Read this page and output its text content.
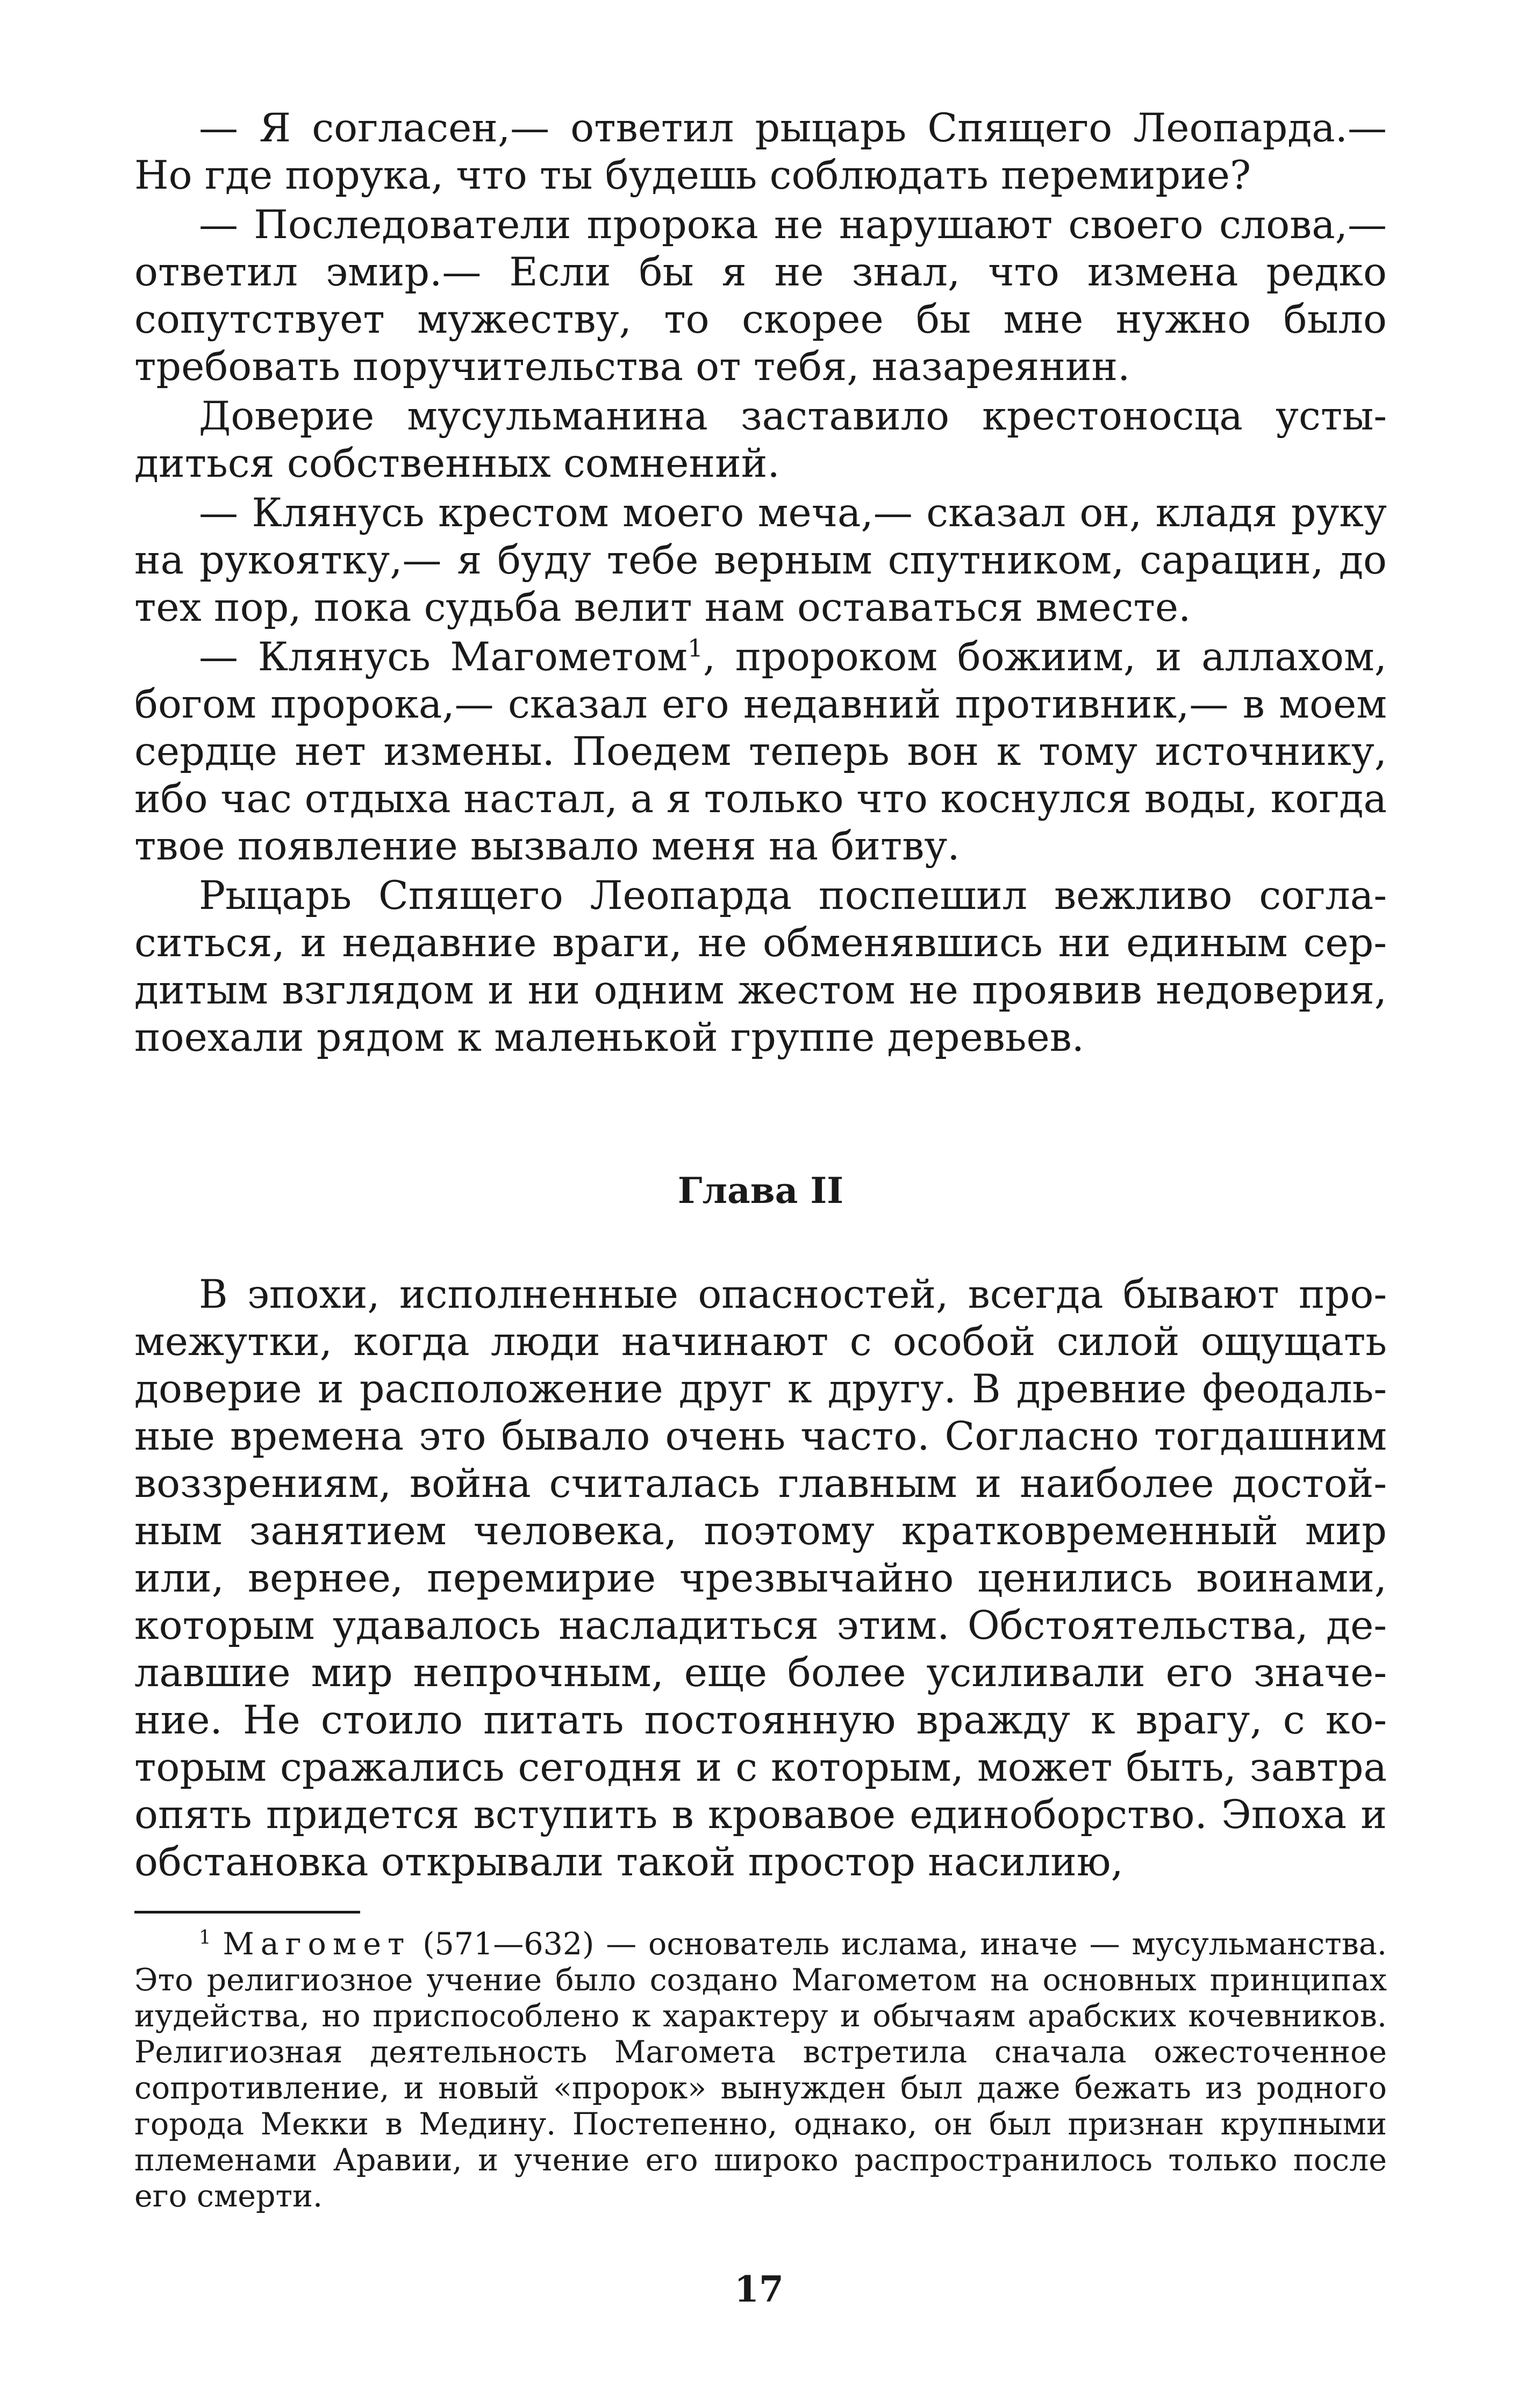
— Я согласен,— ответил рыцарь Спящего Леопарда.— Но где порука, что ты будешь соблюдать перемирие?

— Последователи пророка не нарушают своего слова,— ответил эмир.— Если бы я не знал, что измена редко сопутствует мужеству, то скорее бы мне нужно было требовать поручительства от тебя, назареянин.

Доверие мусульманина заставило крестоносца устыдиться собственных сомнений.

— Клянусь крестом моего меча,— сказал он, кладя руку на рукоятку,— я буду тебе верным спутником, сарацин, до тех пор, пока судьба велит нам оставаться вместе.

— Клянусь Магометом$^1$, пророком божиим, и аллахом, богом пророка,— сказал его недавний противник,— в моем сердце нет измены. Поедем теперь вон к тому источнику, ибо час отдыха настал, а я только что коснулся воды, когда твое появление вызвало меня на битву.

Рыцарь Спящего Леопарда поспешил вежливо согласиться, и недавние враги, не обменявшись ни единым сердитым взглядом и ни одним жестом не проявив недоверия, поехали рядом к маленькой группе деревьев.

Глава II

В эпохи, исполненные опасностей, всегда бывают промежутки, когда люди начинают с особой силой ощущать доверие и расположение друг к другу. В древние феодальные времена это бывало очень часто. Согласно тогдашним воззрениям, война считалась главным и наиболее достойным занятием человека, поэтому кратковременный мир или, вернее, перемирие чрезвычайно ценились воинами, которым удавалось насладиться этим. Обстоятельства, делавшие мир непрочным, еще более усиливали его значение. Не стоило питать постоянную вражду к врагу, с которым сражались сегодня и с которым, может быть, завтра опять придется вступить в кровавое единоборство. Эпоха и обстановка открывали такой простор насилию,

$^1$ Магомет (571—632) — основатель ислама, иначе — мусульманства. Это религиозное учение было создано Магометом на основных принципах иудейства, но приспособлено к характеру и обычаям арабских кочевников. Религиозная деятельность Магомета встретила сначала ожесточенное сопротивление, и новый «пророк» вынужден был даже бежать из родного города Мекки в Медину. Постепенно, однако, он был признан крупными племенами Аравии, и учение его широко распространилось только после его смерти.

17
